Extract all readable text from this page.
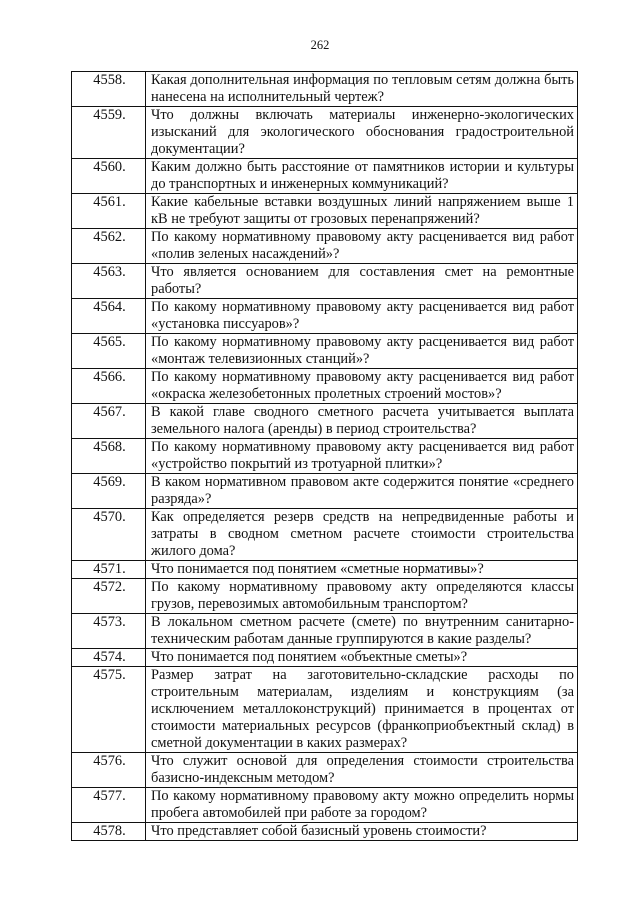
262
4558.	Какая дополнительная информация по тепловым сетям должна быть нанесена на исполнительный чертеж?
4559.	Что должны включать материалы инженерно-экологических изысканий для экологического обоснования градостроительной документации?
4560.	Каким должно быть расстояние от памятников истории и культуры до транспортных и инженерных коммуникаций?
4561.	Какие кабельные вставки воздушных линий напряжением выше 1 кВ не требуют защиты от грозовых перенапряжений?
4562.	По какому нормативному правовому акту расценивается вид работ «полив зеленых насаждений»?
4563.	Что является основанием для составления смет на ремонтные работы?
4564.	По какому нормативному правовому акту расценивается вид работ «установка писсуаров»?
4565.	По какому нормативному правовому акту расценивается вид работ «монтаж телевизионных станций»?
4566.	По какому нормативному правовому акту расценивается вид работ «окраска железобетонных пролетных строений мостов»?
4567.	В какой главе сводного сметного расчета учитывается выплата земельного налога (аренды) в период строительства?
4568.	По какому нормативному правовому акту расценивается вид работ «устройство покрытий из тротуарной плитки»?
4569.	В каком нормативном правовом акте содержится понятие «среднего разряда»?
4570.	Как определяется резерв средств на непредвиденные работы и затраты в сводном сметном расчете стоимости строительства жилого дома?
4571.	Что понимается под понятием «сметные нормативы»?
4572.	По какому нормативному правовому акту определяются классы грузов, перевозимых автомобильным транспортом?
4573.	В локальном сметном расчете (смете) по внутренним санитарно-техническим работам данные группируются в какие разделы?
4574.	Что понимается под понятием «объектные сметы»?
4575.	Размер затрат на заготовительно-складские расходы по строительным материалам, изделиям и конструкциям (за исключением металлоконструкций) принимается в процентах от стоимости материальных ресурсов (франкоприобъектный склад) в сметной документации в каких размерах?
4576.	Что служит основой для определения стоимости строительства базисно-индексным методом?
4577.	По какому нормативному правовому акту можно определить нормы пробега автомобилей при работе за городом?
4578.	Что представляет собой базисный уровень стоимости?
